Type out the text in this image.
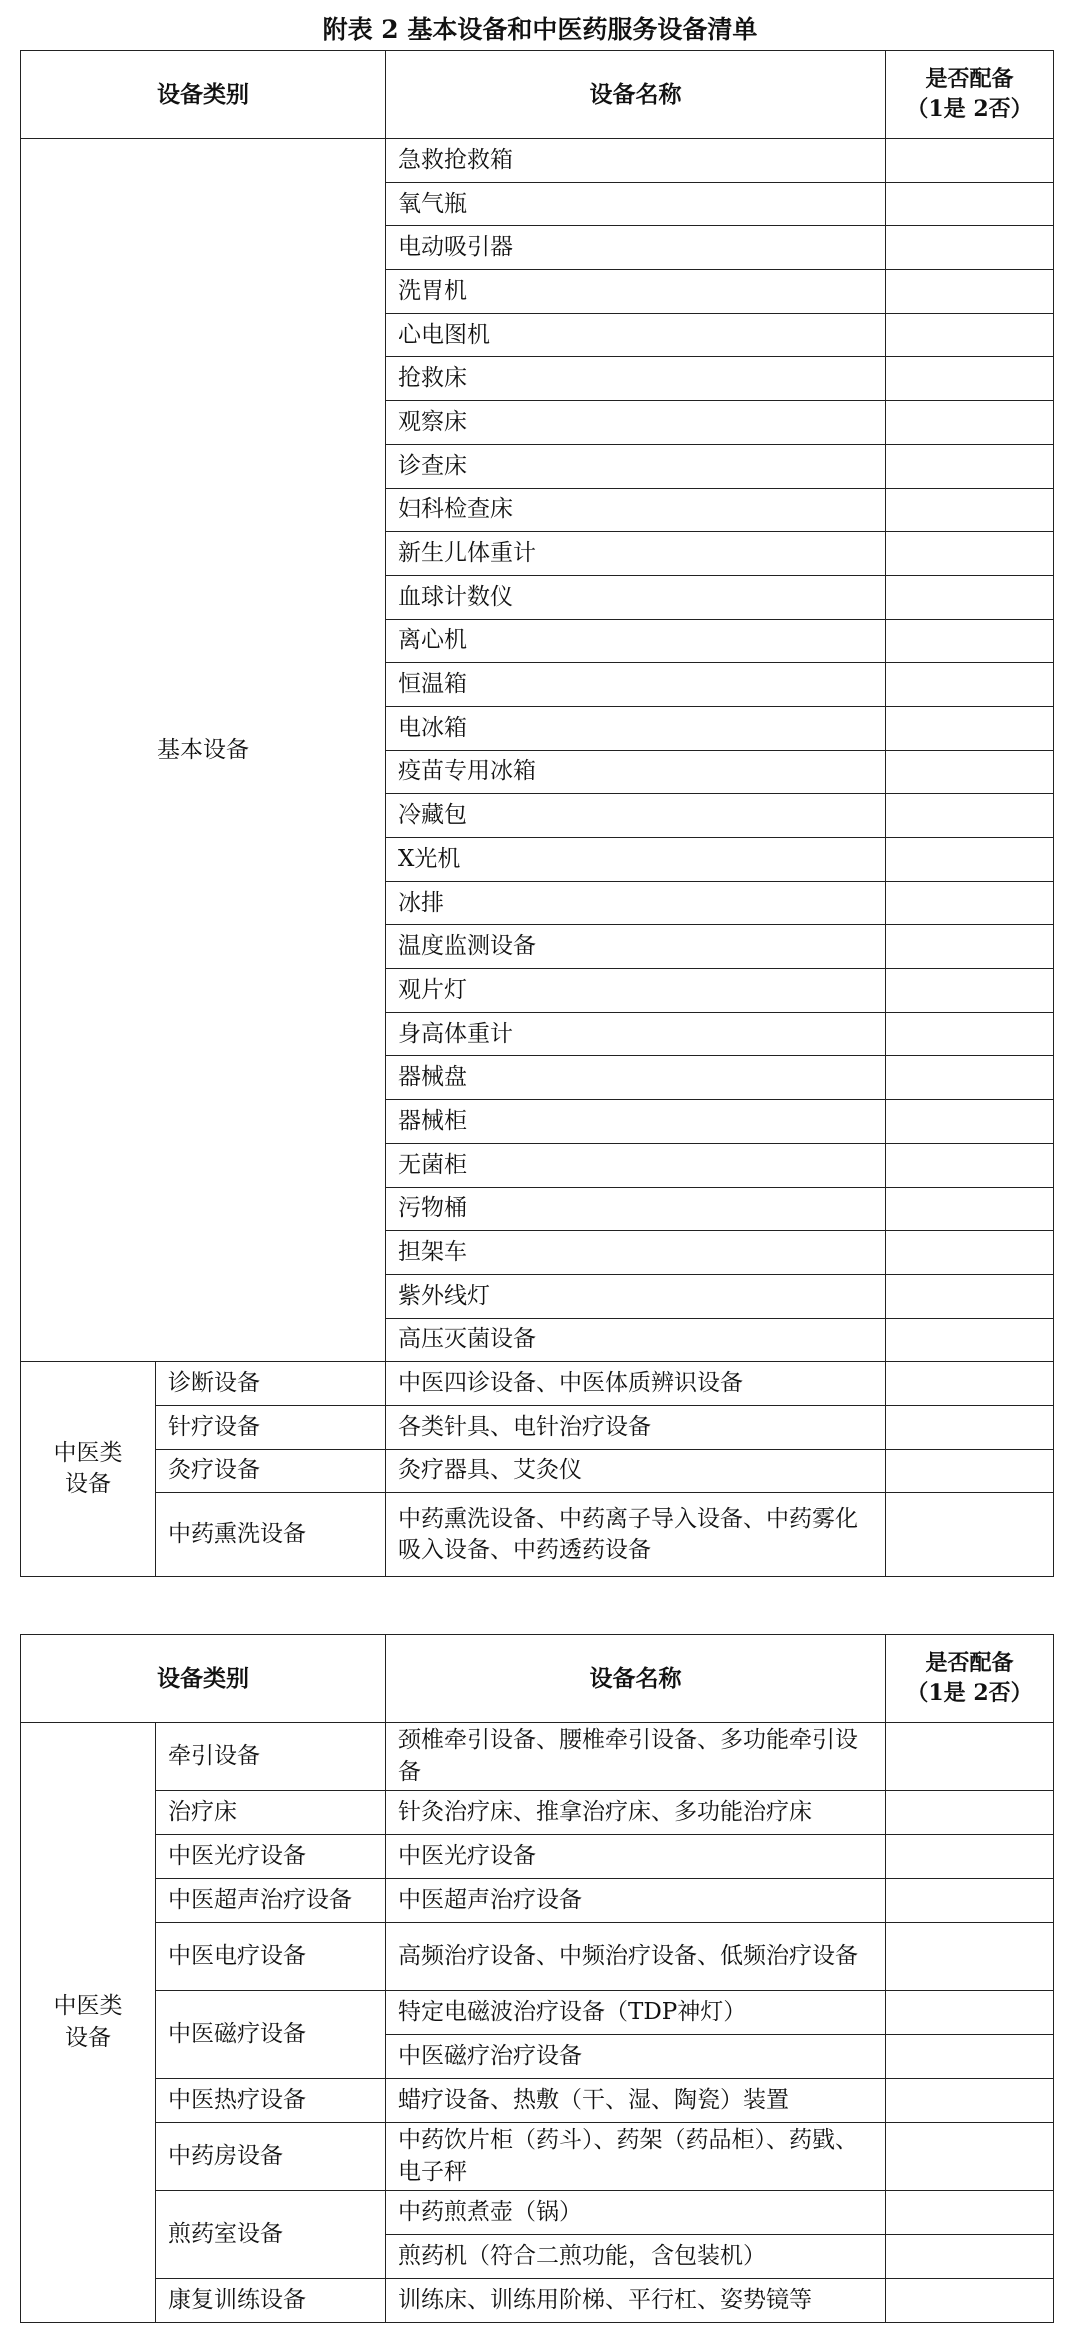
附表 2 基本设备和中医药服务设备清单
设备类别		设备名称	是否配备
（1是 2否）

基本设备		急救抢救箱	
		氧气瓶	
		电动吸引器	
		洗胃机	
		心电图机	
		抢救床	
		观察床	
		诊查床	
		妇科检查床	
		新生儿体重计	
		血球计数仪	
		离心机	
		恒温箱	
		电冰箱	
		疫苗专用冰箱	
		冷藏包	
		X光机	
		冰排	
		温度监测设备	
		观片灯	
		身高体重计	
		器械盘	
		器械柜	
		无菌柜	
		污物桶	
		担架车	
		紫外线灯	
		高压灭菌设备	

中医类
设备	诊断设备	中医四诊设备、中医体质辨识设备	
	针疗设备	各类针具、电针治疗设备	
	灸疗设备	灸疗器具、艾灸仪	
	中药熏洗设备	中药熏洗设备、中药离子导入设备、中药雾化吸入设备、中药透药设备	
设备类别		设备名称	是否配备
（1是 2否）

中医类
设备	牵引设备	颈椎牵引设备、腰椎牵引设备、多功能牵引设备	
	治疗床	针灸治疗床、推拿治疗床、多功能治疗床	
	中医光疗设备	中医光疗设备	
	中医超声治疗设备	中医超声治疗设备	
	中医电疗设备	高频治疗设备、中频治疗设备、低频治疗设备	
	中医磁疗设备	特定电磁波治疗设备（TDP神灯）	
		中医磁疗治疗设备	
	中医热疗设备	蜡疗设备、热敷（干、湿、陶瓷）装置	
	中药房设备	中药饮片柜（药斗）、药架（药品柜）、药戥、电子秤	
	煎药室设备	中药煎煮壶（锅）	
		煎药机（符合二煎功能，含包装机）	
	康复训练设备	训练床、训练用阶梯、平行杠、姿势镜等	
